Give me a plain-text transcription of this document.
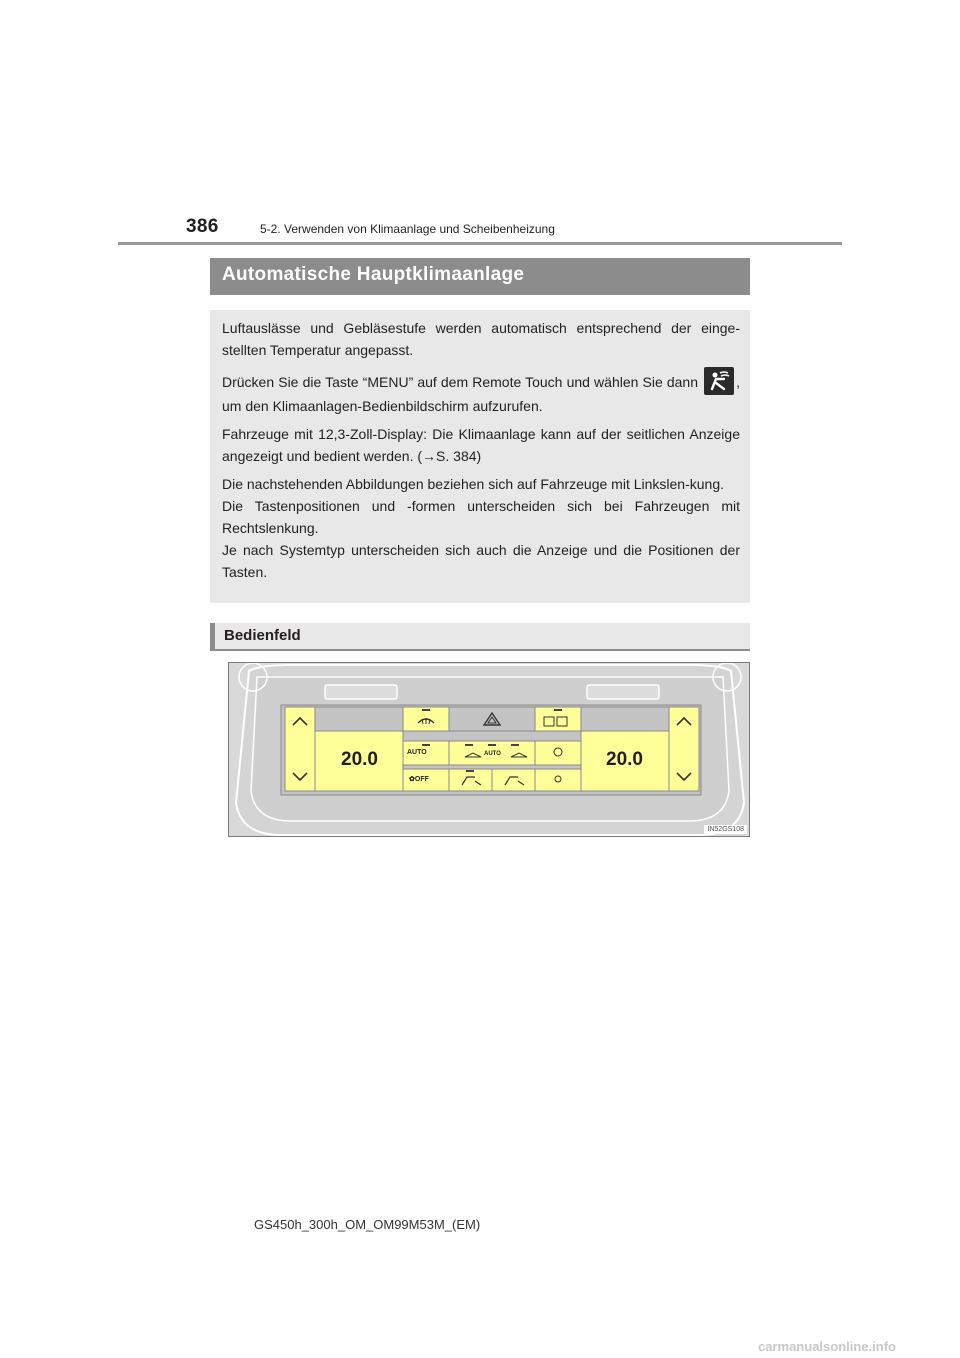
386	5-2. Verwenden von Klimaanlage und Scheibenheizung
Automatische Hauptklimaanlage

Luftauslässe und Gebläsestufe werden automatisch entsprechend der einge-stellten Temperatur angepasst.

Drücken Sie die Taste “MENU” auf dem Remote Touch und wählen Sie dann	, um den Klimaanlagen-Bedienbildschirm aufzurufen.

Fahrzeuge mit 12,3-Zoll-Display: Die Klimaanlage kann auf der seitlichen Anzeige angezeigt und bedient werden. (→S. 384)

Die nachstehenden Abbildungen beziehen sich auf Fahrzeuge mit Linkslen-kung.

Die Tastenpositionen und -formen unterscheiden sich bei Fahrzeugen mit Rechtslenkung.

Je nach Systemtyp unterscheiden sich auch die Anzeige und die Positionen der Tasten.

Bedienfeld
20.0	20.0
AUTO	AUTO
✿OFF
IN52GS108
GS450h_300h_OM_OM99M53M_(EM)
carmanualsonline.info
